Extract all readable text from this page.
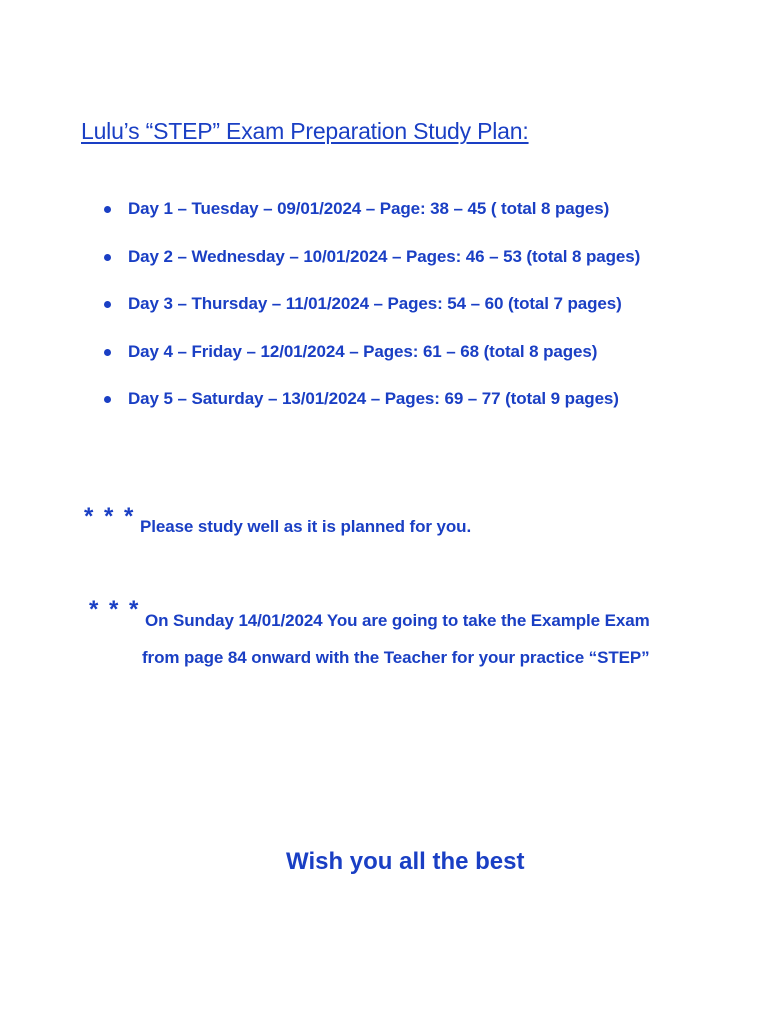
Lulu’s “STEP” Exam Preparation Study Plan:
Day 1 – Tuesday – 09/01/2024 – Page: 38 – 45 ( total 8 pages)
Day 2 – Wednesday – 10/01/2024 – Pages: 46 – 53 (total 8 pages)
Day 3 – Thursday – 11/01/2024 – Pages: 54 – 60 (total 7 pages)
Day 4 – Friday – 12/01/2024 – Pages: 61 – 68 (total 8 pages)
Day 5 – Saturday – 13/01/2024 – Pages: 69 – 77 (total 9 pages)
* * * Please study well as it is planned for you.
* * * On Sunday 14/01/2024 You are going to take the Example Exam
from page 84 onward with the Teacher for your practice “STEP”

Wish you all the best
